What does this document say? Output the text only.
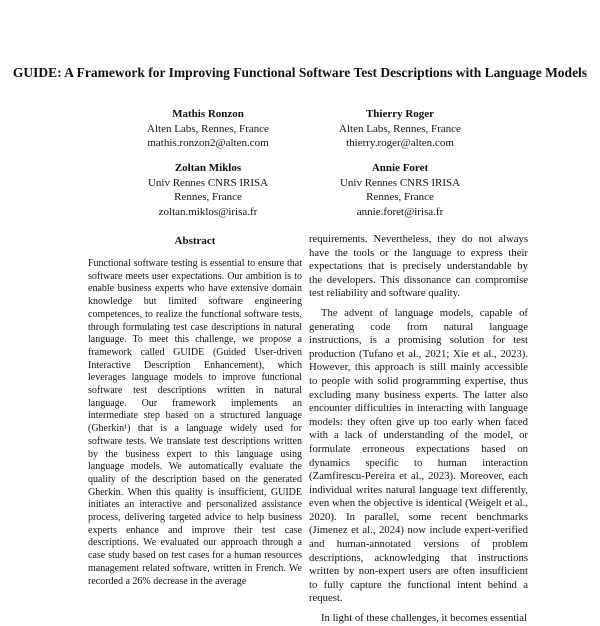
GUIDE: A Framework for Improving Functional Software Test Descriptions with Language Models
Mathis Ronzon
Alten Labs, Rennes, France
mathis.ronzon2@alten.com
Thierry Roger
Alten Labs, Rennes, France
thierry.roger@alten.com
Zoltan Miklos
Univ Rennes CNRS IRISA
Rennes, France
zoltan.miklos@irisa.fr
Annie Foret
Univ Rennes CNRS IRISA
Rennes, France
annie.foret@irisa.fr
Abstract
Functional software testing is essential to ensure that software meets user expectations. Our ambition is to enable business experts who have extensive domain knowledge but limited software engineering competences, to realize the functional software tests, through formulating test case descriptions in natural language. To meet this challenge, we propose a framework called GUIDE (Guided User-driven Interactive Description Enhancement), which leverages language models to improve functional software test descriptions written in natural language. Our framework implements an intermediate step based on a structured language (Gherkin¹) that is a language widely used for software tests. We translate test descriptions written by the business expert to this language using language models. We automatically evaluate the quality of the description based on the generated Gherkin. When this quality is insufficient, GUIDE initiates an interactive and personalized assistance process, delivering targeted advice to help business experts enhance and improve their test case descriptions. We evaluated our approach through a case study based on test cases for a human resources management related software, written in French. We recorded a 26% decrease in the average

requirements. Nevertheless, they do not always have the tools or the language to express their expectations that is precisely understandable by the developers. This dissonance can compromise test reliability and software quality.

The advent of language models, capable of generating code from natural language instructions, is a promising solution for test production (Tufano et al., 2021; Xie et al., 2023). However, this approach is still mainly accessible to people with solid programming expertise, thus excluding many business experts. The latter also encounter difficulties in interacting with language models: they often give up too early when faced with a lack of understanding of the model, or formulate erroneous expectations based on dynamics specific to human interaction (Zamfirescu-Pereira et al., 2023). Moreover, each individual writes natural language text differently, even when the objective is identical (Weigelt et al., 2020). In parallel, some recent benchmarks (Jimenez et al., 2024) now include expert-verified and human-annotated versions of problem descriptions, acknowledging that instructions written by non-expert users are often insufficient to fully capture the functional intent behind a request.

In light of these challenges, it becomes essential
